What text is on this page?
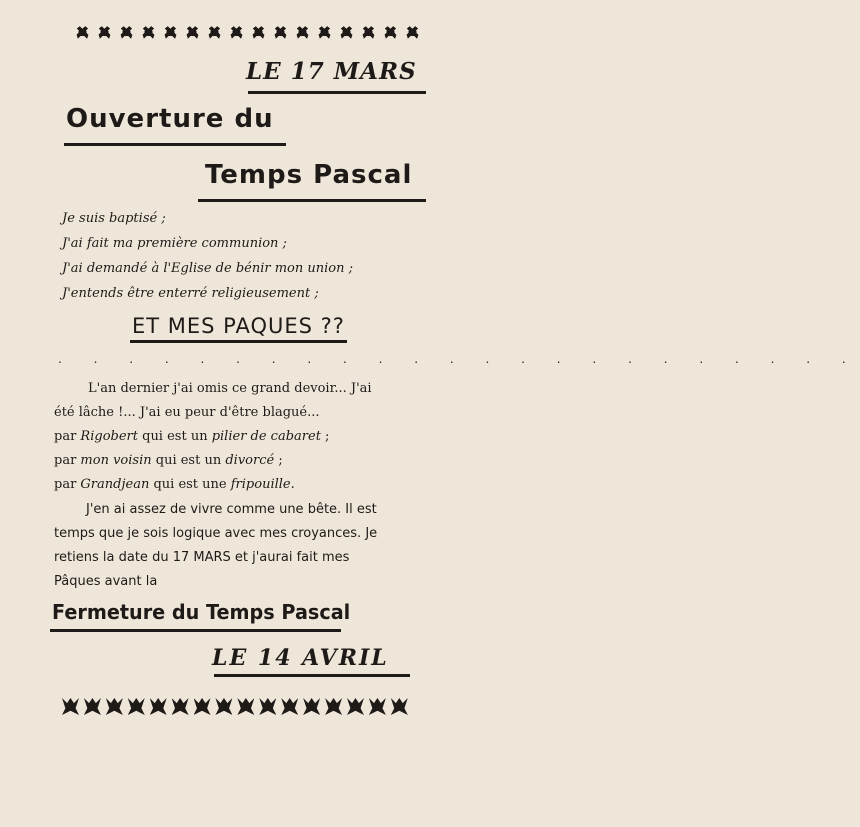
LE 17 MARS
Ouverture du
Temps Pascal
Je suis baptisé ;
J'ai fait ma première communion ;
J'ai demandé à l'Eglise de bénir mon union ;
J'entends être enterré religieusement ;
ET MES PAQUES ??
. . . . . . . . . . . . . . . . . . . . . . .
L'an dernier j'ai omis ce grand devoir... J'ai
été lâche !... J'ai eu peur d'être blagué...
par Rigobert qui est un pilier de cabaret ;
par mon voisin qui est un divorcé ;
par Grandjean qui est une fripouille.
J'en ai assez de vivre comme une bête. Il est
temps que je sois logique avec mes croyances. Je
retiens la date du 17 MARS et j'aurai fait mes
Pâques avant la
Fermeture du Temps Pascal
LE 14 AVRIL
